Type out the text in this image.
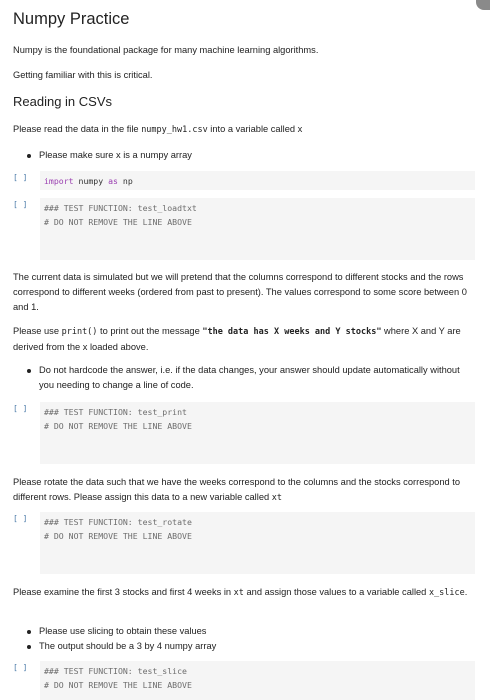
Numpy Practice

Numpy is the foundational package for many machine learning algorithms.

Getting familiar with this is critical.

Reading in CSVs

Please read the data in the file numpy_hw1.csv into a variable called x

Please make sure x is a numpy array
[ ]	import numpy as np
[ ]	### TEST FUNCTION: test_loadtxt
# DO NOT REMOVE THE LINE ABOVE

The current data is simulated but we will pretend that the columns correspond to different stocks and the rows correspond to different weeks (ordered from past to present). The values correspond to some score between 0 and 1.

Please use print() to print out the message "the data has X weeks and Y stocks" where X and Y are derived from the x loaded above.

Do not hardcode the answer, i.e. if the data changes, your answer should update automatically without you needing to change a line of code.
[ ]	### TEST FUNCTION: test_print
# DO NOT REMOVE THE LINE ABOVE

Please rotate the data such that we have the weeks correspond to the columns and the stocks correspond to different rows. Please assign this data to a new variable called xt

[ ]	### TEST FUNCTION: test_rotate
# DO NOT REMOVE THE LINE ABOVE

Please examine the first 3 stocks and first 4 weeks in xt and assign those values to a variable called x_slice.

Please use slicing to obtain these values
The output should be a 3 by 4 numpy array
[ ]	### TEST FUNCTION: test_slice
# DO NOT REMOVE THE LINE ABOVE
